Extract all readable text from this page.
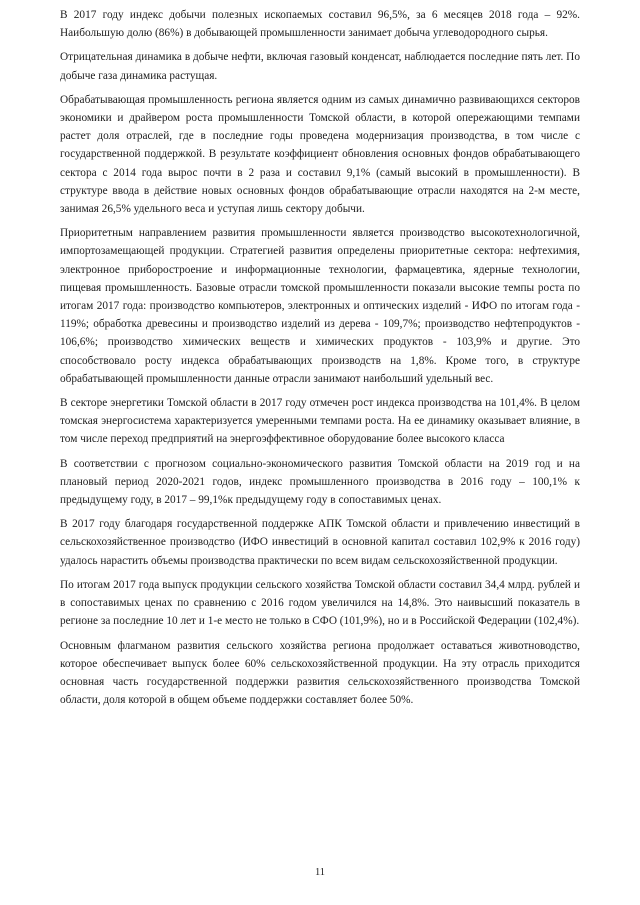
В 2017 году индекс добычи полезных ископаемых составил 96,5%, за 6 месяцев 2018 года – 92%. Наибольшую долю (86%) в добывающей промышленности занимает добыча углеводородного сырья.

Отрицательная динамика в добыче нефти, включая газовый конденсат, наблюдается последние пять лет. По добыче газа динамика растущая.

Обрабатывающая промышленность региона является одним из самых динамично развивающихся секторов экономики и драйвером роста промышленности Томской области, в которой опережающими темпами растет доля отраслей, где в последние годы проведена модернизация производства, в том числе с государственной поддержкой. В результате коэффициент обновления основных фондов обрабатывающего сектора с 2014 года вырос почти в 2 раза и составил 9,1% (самый высокий в промышленности). В структуре ввода в действие новых основных фондов обрабатывающие отрасли находятся на 2-м месте, занимая 26,5% удельного веса и уступая лишь сектору добычи.

Приоритетным направлением развития промышленности является производство высокотехнологичной, импортозамещающей продукции. Стратегией развития определены приоритетные сектора: нефтехимия, электронное приборостроение и информационные технологии, фармацевтика, ядерные технологии, пищевая промышленность. Базовые отрасли томской промышленности показали высокие темпы роста по итогам 2017 года: производство компьютеров, электронных и оптических изделий - ИФО по итогам года - 119%; обработка древесины и производство изделий из дерева - 109,7%; производство нефтепродуктов - 106,6%; производство химических веществ и химических продуктов - 103,9% и другие. Это способствовало росту индекса обрабатывающих производств на 1,8%. Кроме того, в структуре обрабатывающей промышленности данные отрасли занимают наибольший удельный вес.

В секторе энергетики Томской области в 2017 году отмечен рост индекса производства на 101,4%. В целом томская энергосистема характеризуется умеренными темпами роста. На ее динамику оказывает влияние, в том числе переход предприятий на энергоэффективное оборудование более высокого класса

В соответствии с прогнозом социально-экономического развития Томской области на 2019 год и на плановый период 2020-2021 годов, индекс промышленного производства в 2016 году – 100,1% к предыдущему году, в 2017 – 99,1%к предыдущему году в сопоставимых ценах.

В 2017 году благодаря государственной поддержке АПК Томской области и привлечению инвестиций в сельскохозяйственное производство (ИФО инвестиций в основной капитал составил 102,9% к 2016 году) удалось нарастить объемы производства практически по всем видам сельскохозяйственной продукции.

По итогам 2017 года выпуск продукции сельского хозяйства Томской области составил 34,4 млрд. рублей и в сопоставимых ценах по сравнению с 2016 годом увеличился на 14,8%. Это наивысший показатель в регионе за последние 10 лет и 1-е место не только в СФО (101,9%), но и в Российской Федерации (102,4%).

Основным флагманом развития сельского хозяйства региона продолжает оставаться животноводство, которое обеспечивает выпуск более 60% сельскохозяйственной продукции. На эту отрасль приходится основная часть государственной поддержки развития сельскохозяйственного производства Томской области, доля которой в общем объеме поддержки составляет более 50%.

11
